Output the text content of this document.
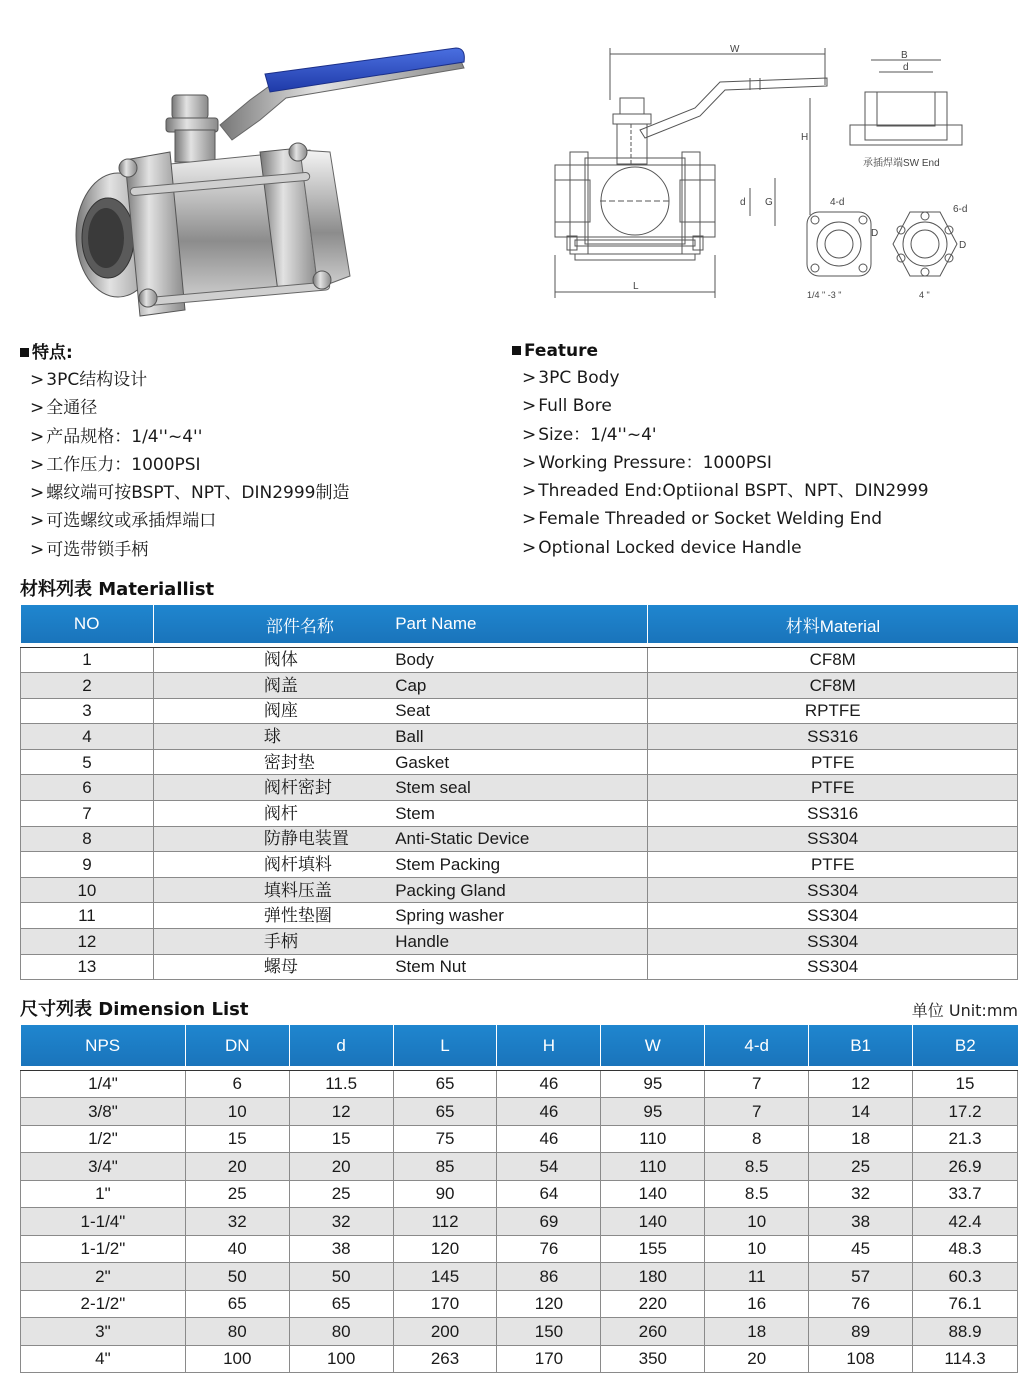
W
H
L
d G
B
d
承插焊端SW End
4-d
6-d
D
D
1/4 " -3 "	4 "
特点:
> 3PC结构设计
> 全通径
> 产品规格：1/4''~4''
> 工作压力：1000PSI
> 螺纹端可按BSPT、NPT、DIN2999制造
> 可选螺纹或承插焊端口
> 可选带锁手柄
Feature
> 3PC Body
> Full Bore
> Size：1/4''~4'
> Working Pressure：1000PSI
> Threaded End:Optiional BSPT、NPT、DIN2999
> Female Threaded or Socket Welding End
> Optional Locked device Handle
材料列表 Materiallist
NO	部件名称	Part Name	材料Material

1	阀体	Body	CF8M
2	阀盖	Cap	CF8M
3	阀座	Seat	RPTFE
4	球	Ball	SS316
5	密封垫	Gasket	PTFE
6	阀杆密封	Stem seal	PTFE
7	阀杆	Stem	SS316
8	防静电装置	Anti-Static Device	SS304
9	阀杆填料	Stem Packing	PTFE
10	填料压盖	Packing Gland	SS304
11	弹性垫圈	Spring washer	SS304
12	手柄	Handle	SS304
13	螺母	Stem Nut	SS304
尺寸列表 Dimension List	单位 Unit:mm
NPS	DN	d	L	H	W	4-d	B1	B2

1/4"	6	11.5	65	46	95	7	12	15
3/8"	10	12	65	46	95	7	14	17.2
1/2"	15	15	75	46	110	8	18	21.3
3/4"	20	20	85	54	110	8.5	25	26.9
1"	25	25	90	64	140	8.5	32	33.7
1-1/4"	32	32	112	69	140	10	38	42.4
1-1/2"	40	38	120	76	155	10	45	48.3
2"	50	50	145	86	180	11	57	60.3
2-1/2"	65	65	170	120	220	16	76	76.1
3"	80	80	200	150	260	18	89	88.9
4"	100	100	263	170	350	20	108	114.3
